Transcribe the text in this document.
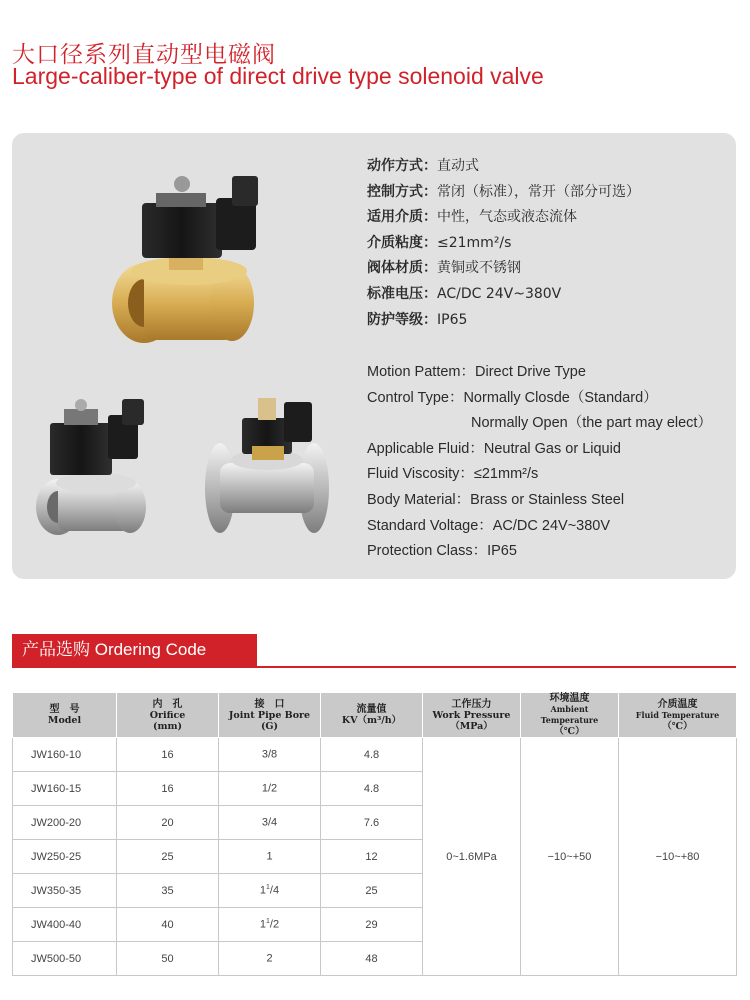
大口径系列直动型电磁阀
Large-caliber-type of direct drive type solenoid valve
动作方式：直动式
控制方式：常闭（标准），常开（部分可选）
适用介质：中性，气态或液态流体
介质粘度：≤21mm²/s
阀体材质：黄铜或不锈钢
标准电压：AC/DC 24V~380V
防护等级：IP65
Motion Pattem：Direct Drive Type
Control Type：Normally Closde（Standard）
Normally Open（the part may elect）
Applicable Fluid：Neutral Gas or Liquid
Fluid Viscosity：≤21mm²/s
Body Material：Brass or Stainless Steel
Standard Voltage：AC/DC 24V~380V
Protection Class：IP65
产品选购 Ordering Code
型　号
Model	内　孔
Orifice
(mm)	接　口
Joint Pipe Bore
(G)	流量值
KV（m³/h）	工作压力
Work Pressure
（MPa）	环境温度
Ambient Temperature
（℃）	介质温度
Fluid Temperature
（℃）

JW160-10	16	3/8	4.8	0~1.6MPa	−10~+50	−10~+80
JW160-15	16	1/2	4.8			
JW200-20	20	3/4	7.6			
JW250-25	25	1	12			
JW350-35	35	$1^1/4$	25			
JW400-40	40	$1^1/2$	29			
JW500-50	50	2	48			
